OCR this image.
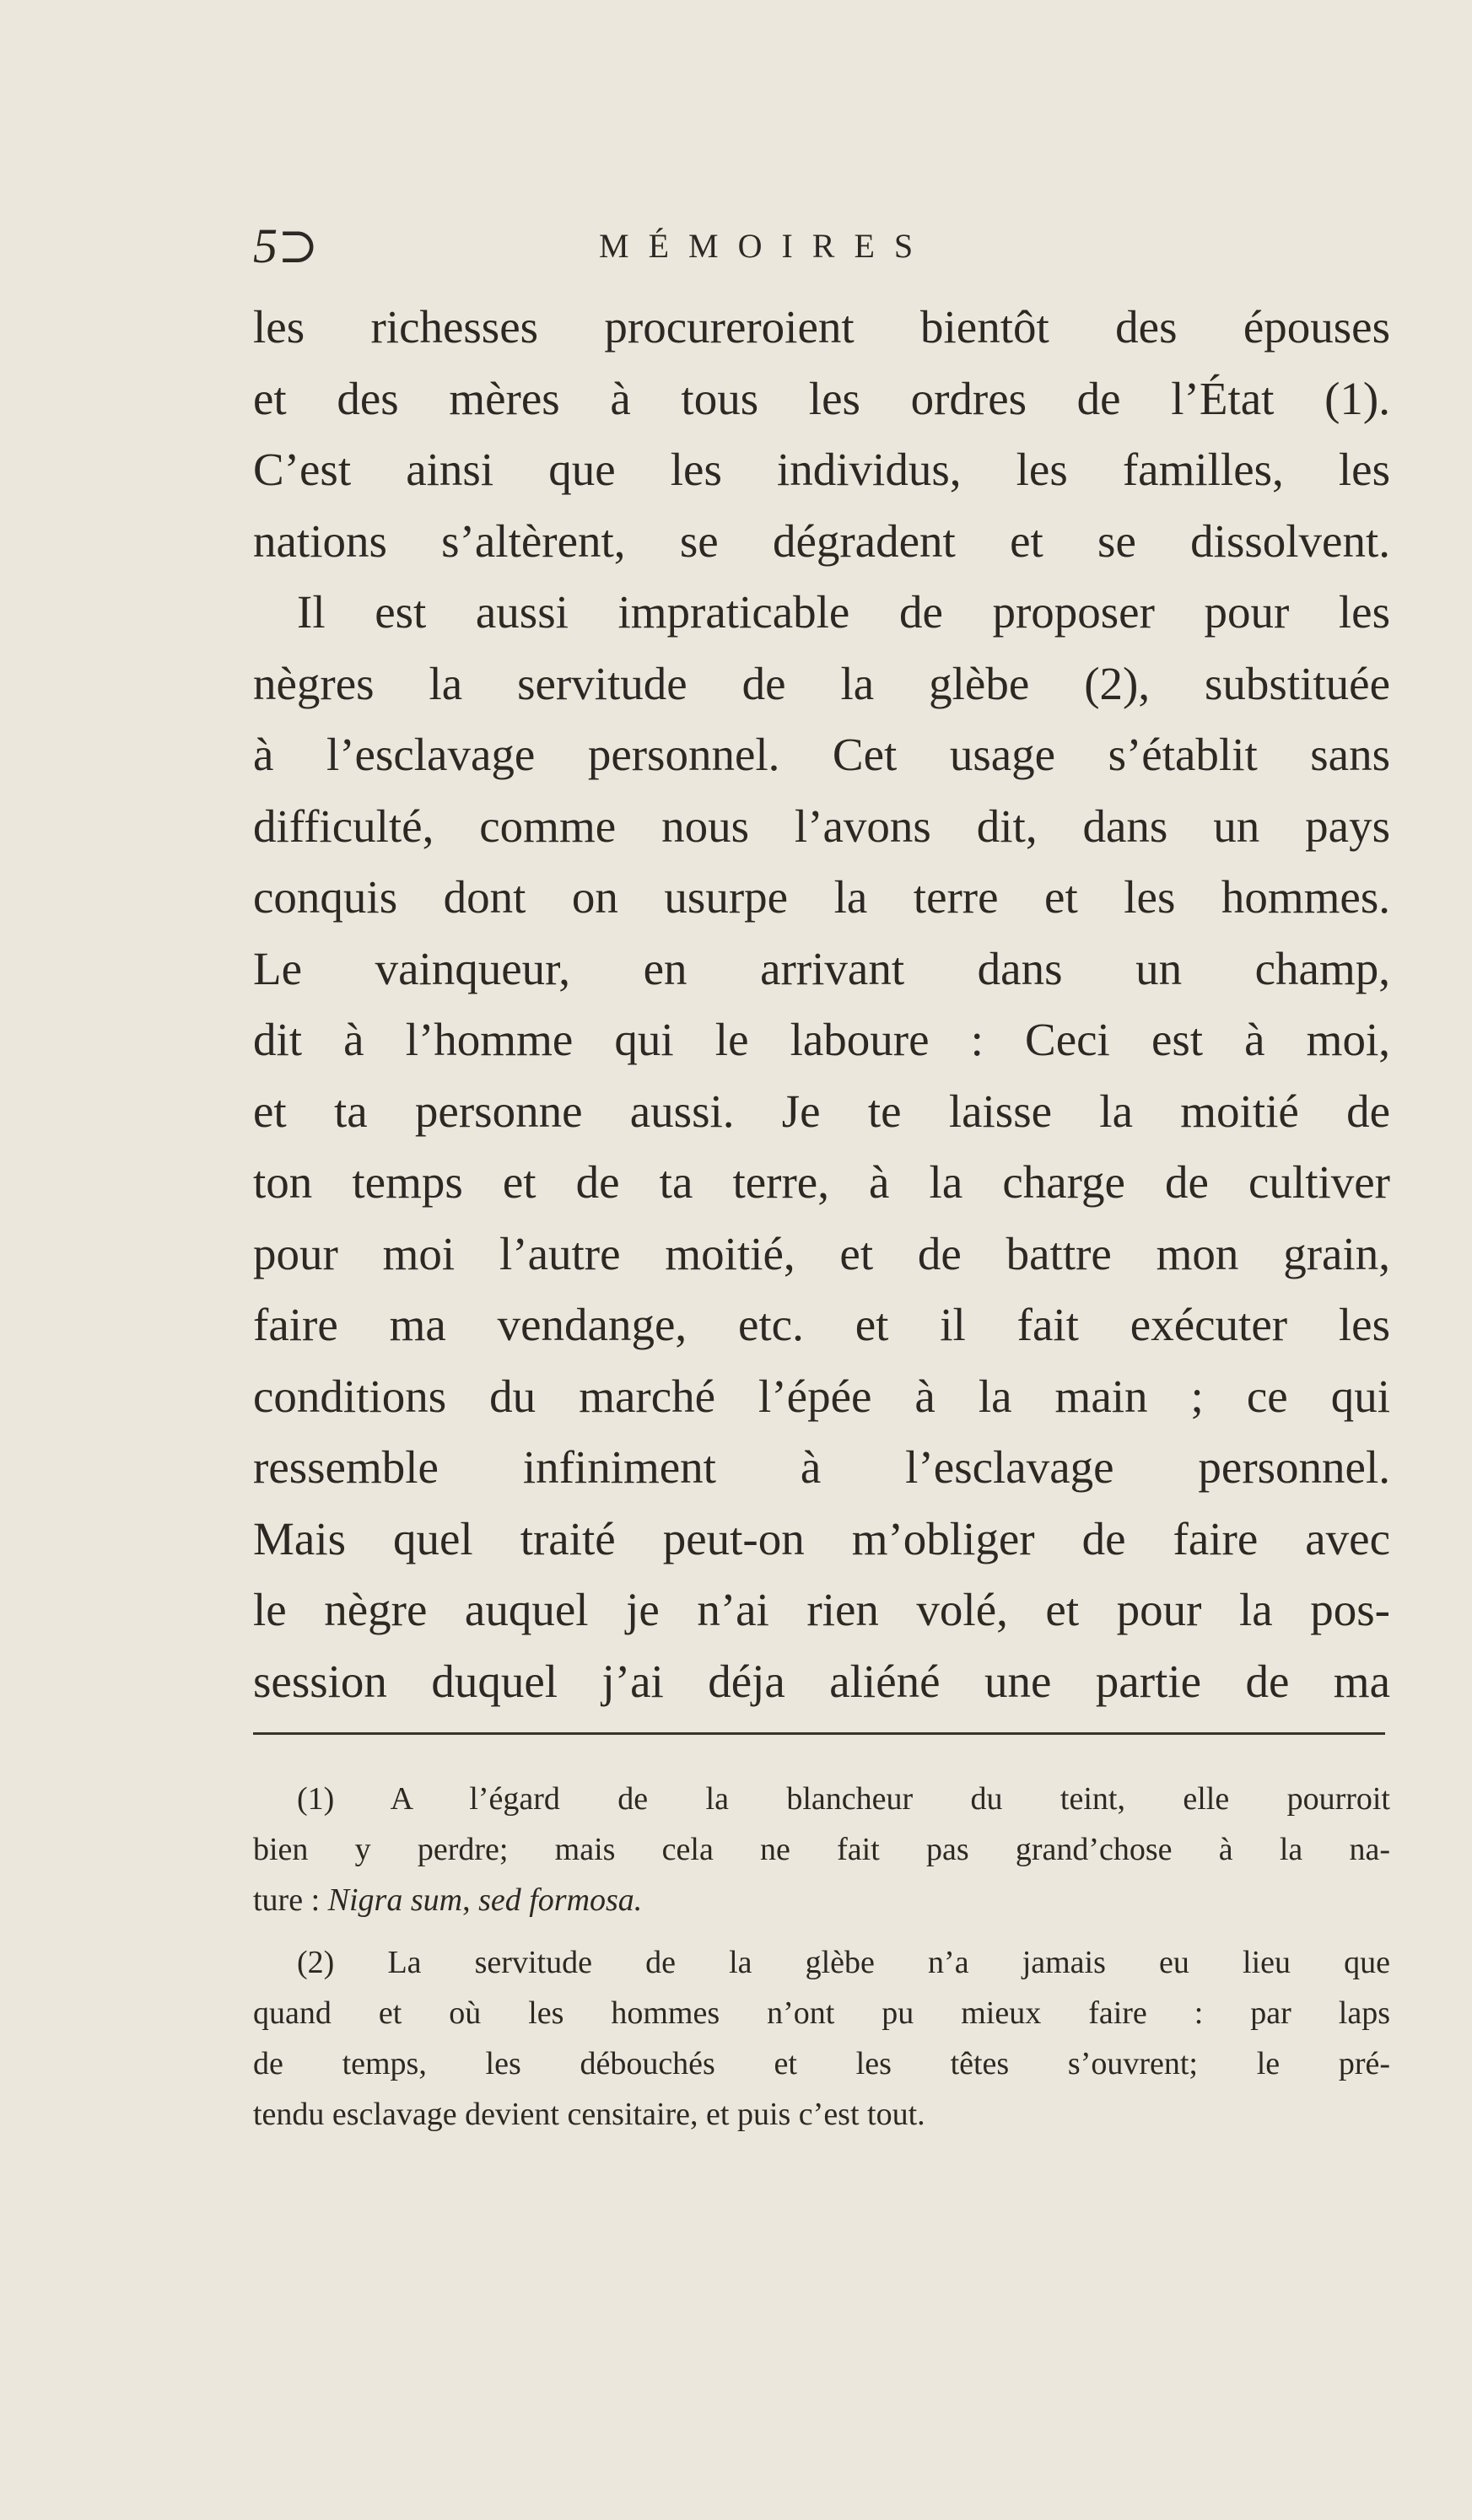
5⊃	MÉMOIRES
les richesses procureroient bientôt des épouses
et des mères à tous les ordres de l’État (1).
C’est ainsi que les individus, les familles, les
nations s’altèrent, se dégradent et se dissolvent.
Il est aussi impraticable de proposer pour les
nègres la servitude de la glèbe (2), substituée
à l’esclavage personnel. Cet usage s’établit sans
difficulté, comme nous l’avons dit, dans un pays
conquis dont on usurpe la terre et les hommes.
Le vainqueur, en arrivant dans un champ,
dit à l’homme qui le laboure : Ceci est à moi,
et ta personne aussi. Je te laisse la moitié de
ton temps et de ta terre, à la charge de cultiver
pour moi l’autre moitié, et de battre mon grain,
faire ma vendange, etc. et il fait exécuter les
conditions du marché l’épée à la main ; ce qui
ressemble infiniment à l’esclavage personnel.
Mais quel traité peut-on m’obliger de faire avec
le nègre auquel je n’ai rien volé, et pour la pos-
session duquel j’ai déja aliéné une partie de ma
(1) A l’égard de la blancheur du teint, elle pourroit
bien y perdre; mais cela ne fait pas grand’chose à la na-
ture : Nigra sum, sed formosa.
(2) La servitude de la glèbe n’a jamais eu lieu que
quand et où les hommes n’ont pu mieux faire : par laps
de temps, les débouchés et les têtes s’ouvrent; le pré-
tendu esclavage devient censitaire, et puis c’est tout.
